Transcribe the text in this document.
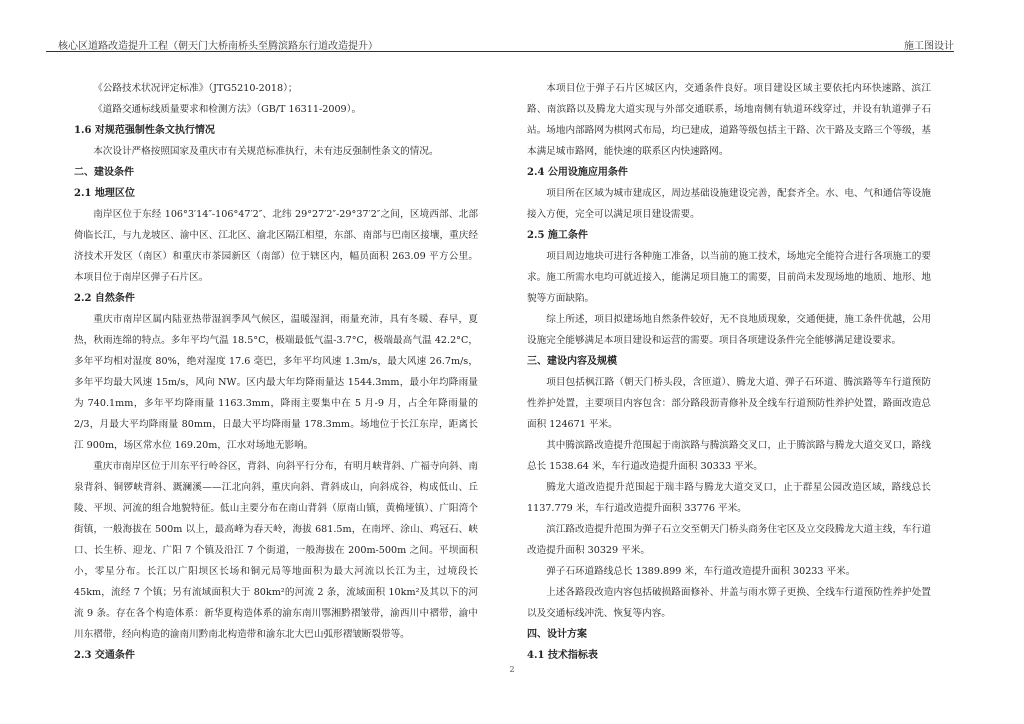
核心区道路改造提升工程（朝天门大桥南桥头至腾滨路东行道改造提升）	施工图设计

《公路技术状况评定标准》（JTG5210-2018）；

《道路交通标线质量要求和检测方法》（GB/T 16311-2009）。

1.6 对规范强制性条文执行情况

本次设计严格按照国家及重庆市有关规范标准执行，未有违反强制性条文的情况。

二、建设条件
2.1 地理区位

南岸区位于东经 106°3′14″-106°47′2″、北纬 29°27′2″-29°37′2″之间，区境西部、北部倚临长江，与九龙坡区、渝中区、江北区、渝北区隔江相望，东部、南部与巴南区接壤，重庆经济技术开发区（南区）和重庆市茶园新区（南部）位于辖区内，幅员面积 263.09 平方公里。本项目位于南岸区弹子石片区。

2.2 自然条件

重庆市南岸区属内陆亚热带湿润季风气候区，温暖湿润，雨量充沛，具有冬暖、春早，夏热，秋雨连绵的特点。多年平均气温 18.5°C，极端最低气温-3.7°C，极端最高气温 42.2°C，多年平均相对湿度 80%，绝对湿度 17.6 毫巴，多年平均风速 1.3m/s，最大风速 26.7m/s，多年平均最大风速 15m/s，风向 NW。区内最大年均降雨量达 1544.3mm，最小年均降雨量为 740.1mm，多年平均降雨量 1163.3mm，降雨主要集中在 5 月-9 月，占全年降雨量的 2/3，月最大平均降雨量 80mm，日最大平均降雨量 178.3mm。场地位于长江东岸，距离长江 900m，场区常水位 169.20m，江水对场地无影响。

重庆市南岸区位于川东平行岭谷区，背斜、向斜平行分布，有明月峡背斜、广福寺向斜、南泉背斜、铜锣峡背斜、溉澜溪——江北向斜，重庆向斜、背斜成山，向斜成谷，构成低山、丘陵、平坝、河流的组合地貌特征。低山主要分布在南山背斜（原南山镇，黄桷垭镇）、广阳湾个街镇，一般海拔在 500m 以上，最高峰为春天岭，海拔 681.5m，在南坪、涂山、鸡冠石、峡口、长生桥、迎龙、广阳 7 个镇及沿江 7 个街道，一般海拔在 200m-500m 之间。平坝面积小，零星分布。长江以广阳坝区长场和铜元局等地面积为最大河流以长江为主，过境段长 45km，流经 7 个镇；另有流域面积大于 80km²的河流 2 条，流域面积 10km²及其以下的河流 9 条。存在各个构造体系：新华夏构造体系的渝东南川鄂湘黔褶皱带，渝西川中褶带，渝中川东褶带，经向构造的渝南川黔南北构造带和渝东北大巴山弧形褶皱断裂带等。

2.3 交通条件

本项目位于弹子石片区城区内，交通条件良好。项目建设区域主要依托内环快速路、滨江路、南滨路以及腾龙大道实现与外部交通联系，场地南侧有轨道环线穿过，并设有轨道弹子石站。场地内部路网为棋网式布局，均已建成，道路等级包括主干路、次干路及支路三个等级，基本满足城市路网，能快速的联系区内快速路网。

2.4 公用设施应用条件

项目所在区域为城市建成区，周边基础设施建设完善，配套齐全。水、电、气和通信等设施接入方便，完全可以满足项目建设需要。

2.5 施工条件

项目周边地块可进行各种施工准备，以当前的施工技术，场地完全能符合进行各项施工的要求。施工所需水电均可就近接入，能满足项目施工的需要，目前尚未发现场地的地质、地形、地貌等方面缺陷。

综上所述，项目拟建场地自然条件较好，无不良地质现象，交通便捷，施工条件优越，公用设施完全能够满足本项目建设和运营的需要。项目各项建设条件完全能够满足建设要求。

三、建设内容及规模

项目包括枫江路（朝天门桥头段，含匝道）、腾龙大道、弹子石环道、腾滨路等车行道预防性养护处置，主要项目内容包含：部分路段沥青修补及全线车行道预防性养护处置，路面改造总面积 124671 平米。

其中腾滨路改造提升范围起于南滨路与腾滨路交叉口，止于腾滨路与腾龙大道交叉口，路线总长 1538.64 米，车行道改造提升面积 30333 平米。

腾龙大道改造提升范围起于瑞丰路与腾龙大道交叉口，止于群星公园改造区域，路线总长 1137.779 米，车行道改造提升面积 33776 平米。

滨江路改造提升范围为弹子石立交至朝天门桥头商务住宅区及立交段腾龙大道主线，车行道改造提升面积 30329 平米。

弹子石环道路线总长 1389.899 米，车行道改造提升面积 30233 平米。

上述各路段改造内容包括破损路面修补、井盖与雨水箅子更换、全线车行道预防性养护处置以及交通标线冲洗、恢复等内容。

四、设计方案
4.1 技术指标表
2
